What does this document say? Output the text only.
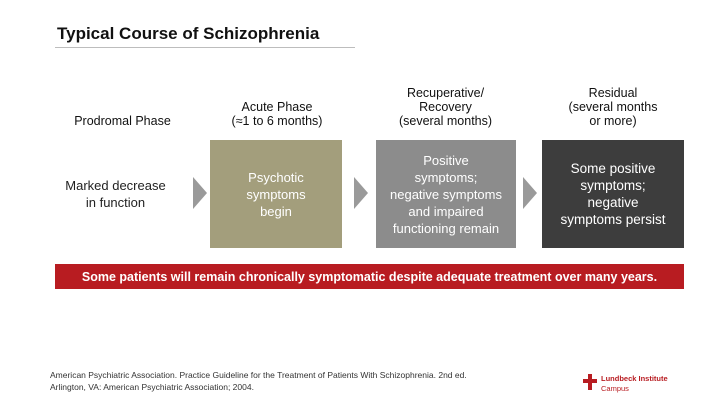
Typical Course of Schizophrenia
Prodromal Phase
Acute Phase
(≈1 to 6 months)
Recuperative/
Recovery
(several months)
Residual
(several months
or more)
Marked decrease
in function
Psychotic
symptoms
begin
Positive
symptoms;
negative symptoms
and impaired
functioning remain
Some positive
symptoms;
negative
symptoms persist
Some patients will remain chronically symptomatic despite adequate treatment over many years.
American Psychiatric Association. Practice Guideline for the Treatment of Patients With Schizophrenia. 2nd ed.
Arlington, VA: American Psychiatric Association; 2004.
Lundbeck Institute
Campus
